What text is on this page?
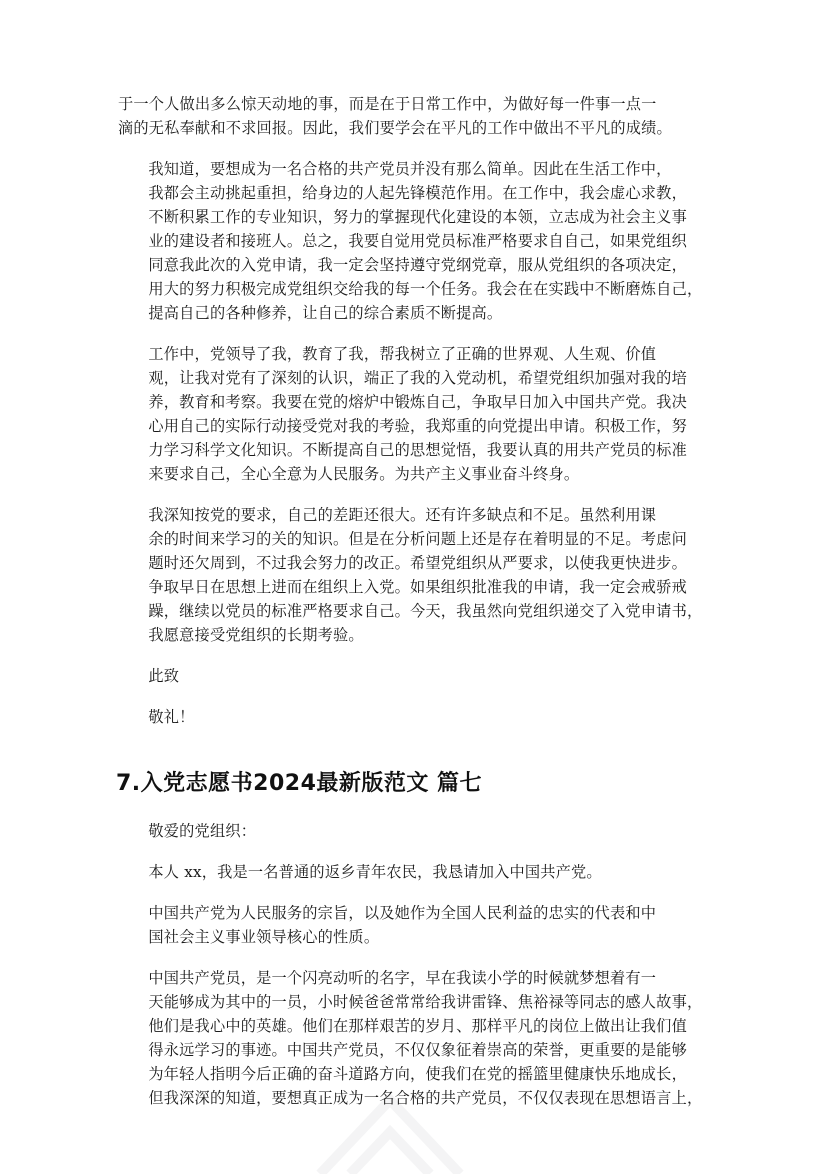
于一个人做出多么惊天动地的事，而是在于日常工作中，为做好每一件事一点一
滴的无私奉献和不求回报。因此，我们要学会在平凡的工作中做出不平凡的成绩。

我知道，要想成为一名合格的共产党员并没有那么简单。因此在生活工作中，
我都会主动挑起重担，给身边的人起先锋模范作用。在工作中，我会虚心求教，
不断积累工作的专业知识，努力的掌握现代化建设的本领，立志成为社会主义事
业的建设者和接班人。总之，我要自觉用党员标准严格要求自自己，如果党组织
同意我此次的入党申请，我一定会坚持遵守党纲党章，服从党组织的各项决定，
用大的努力积极完成党组织交给我的每一个任务。我会在在实践中不断磨炼自己，
提高自己的各种修养，让自己的综合素质不断提高。

工作中，党领导了我，教育了我，帮我树立了正确的世界观、人生观、价值
观，让我对党有了深刻的认识，端正了我的入党动机，希望党组织加强对我的培
养，教育和考察。我要在党的熔炉中锻炼自己，争取早日加入中国共产党。我决
心用自己的实际行动接受党对我的考验，我郑重的向党提出申请。积极工作，努
力学习科学文化知识。不断提高自己的思想觉悟，我要认真的用共产党员的标准
来要求自己，全心全意为人民服务。为共产主义事业奋斗终身。

我深知按党的要求，自己的差距还很大。还有许多缺点和不足。虽然利用课
余的时间来学习的关的知识。但是在分析问题上还是存在着明显的不足。考虑问
题时还欠周到，不过我会努力的改正。希望党组织从严要求，以使我更快进步。
争取早日在思想上进而在组织上入党。如果组织批准我的申请，我一定会戒骄戒
躁，继续以党员的标准严格要求自己。今天，我虽然向党组织递交了入党申请书，
我愿意接受党组织的长期考验。

此致

敬礼！

7.入党志愿书2024最新版范文 篇七

敬爱的党组织：

本人 xx，我是一名普通的返乡青年农民，我恳请加入中国共产党。

中国共产党为人民服务的宗旨，以及她作为全国人民利益的忠实的代表和中
国社会主义事业领导核心的性质。

中国共产党员，是一个闪亮动听的名字，早在我读小学的时候就梦想着有一
天能够成为其中的一员，小时候爸爸常常给我讲雷锋、焦裕禄等同志的感人故事，
他们是我心中的英雄。他们在那样艰苦的岁月、那样平凡的岗位上做出让我们值
得永远学习的事迹。中国共产党员，不仅仅象征着崇高的荣誉，更重要的是能够
为年轻人指明今后正确的奋斗道路方向，使我们在党的摇篮里健康快乐地成长，
但我深深的知道，要想真正成为一名合格的共产党员，不仅仅表现在思想语言上，
